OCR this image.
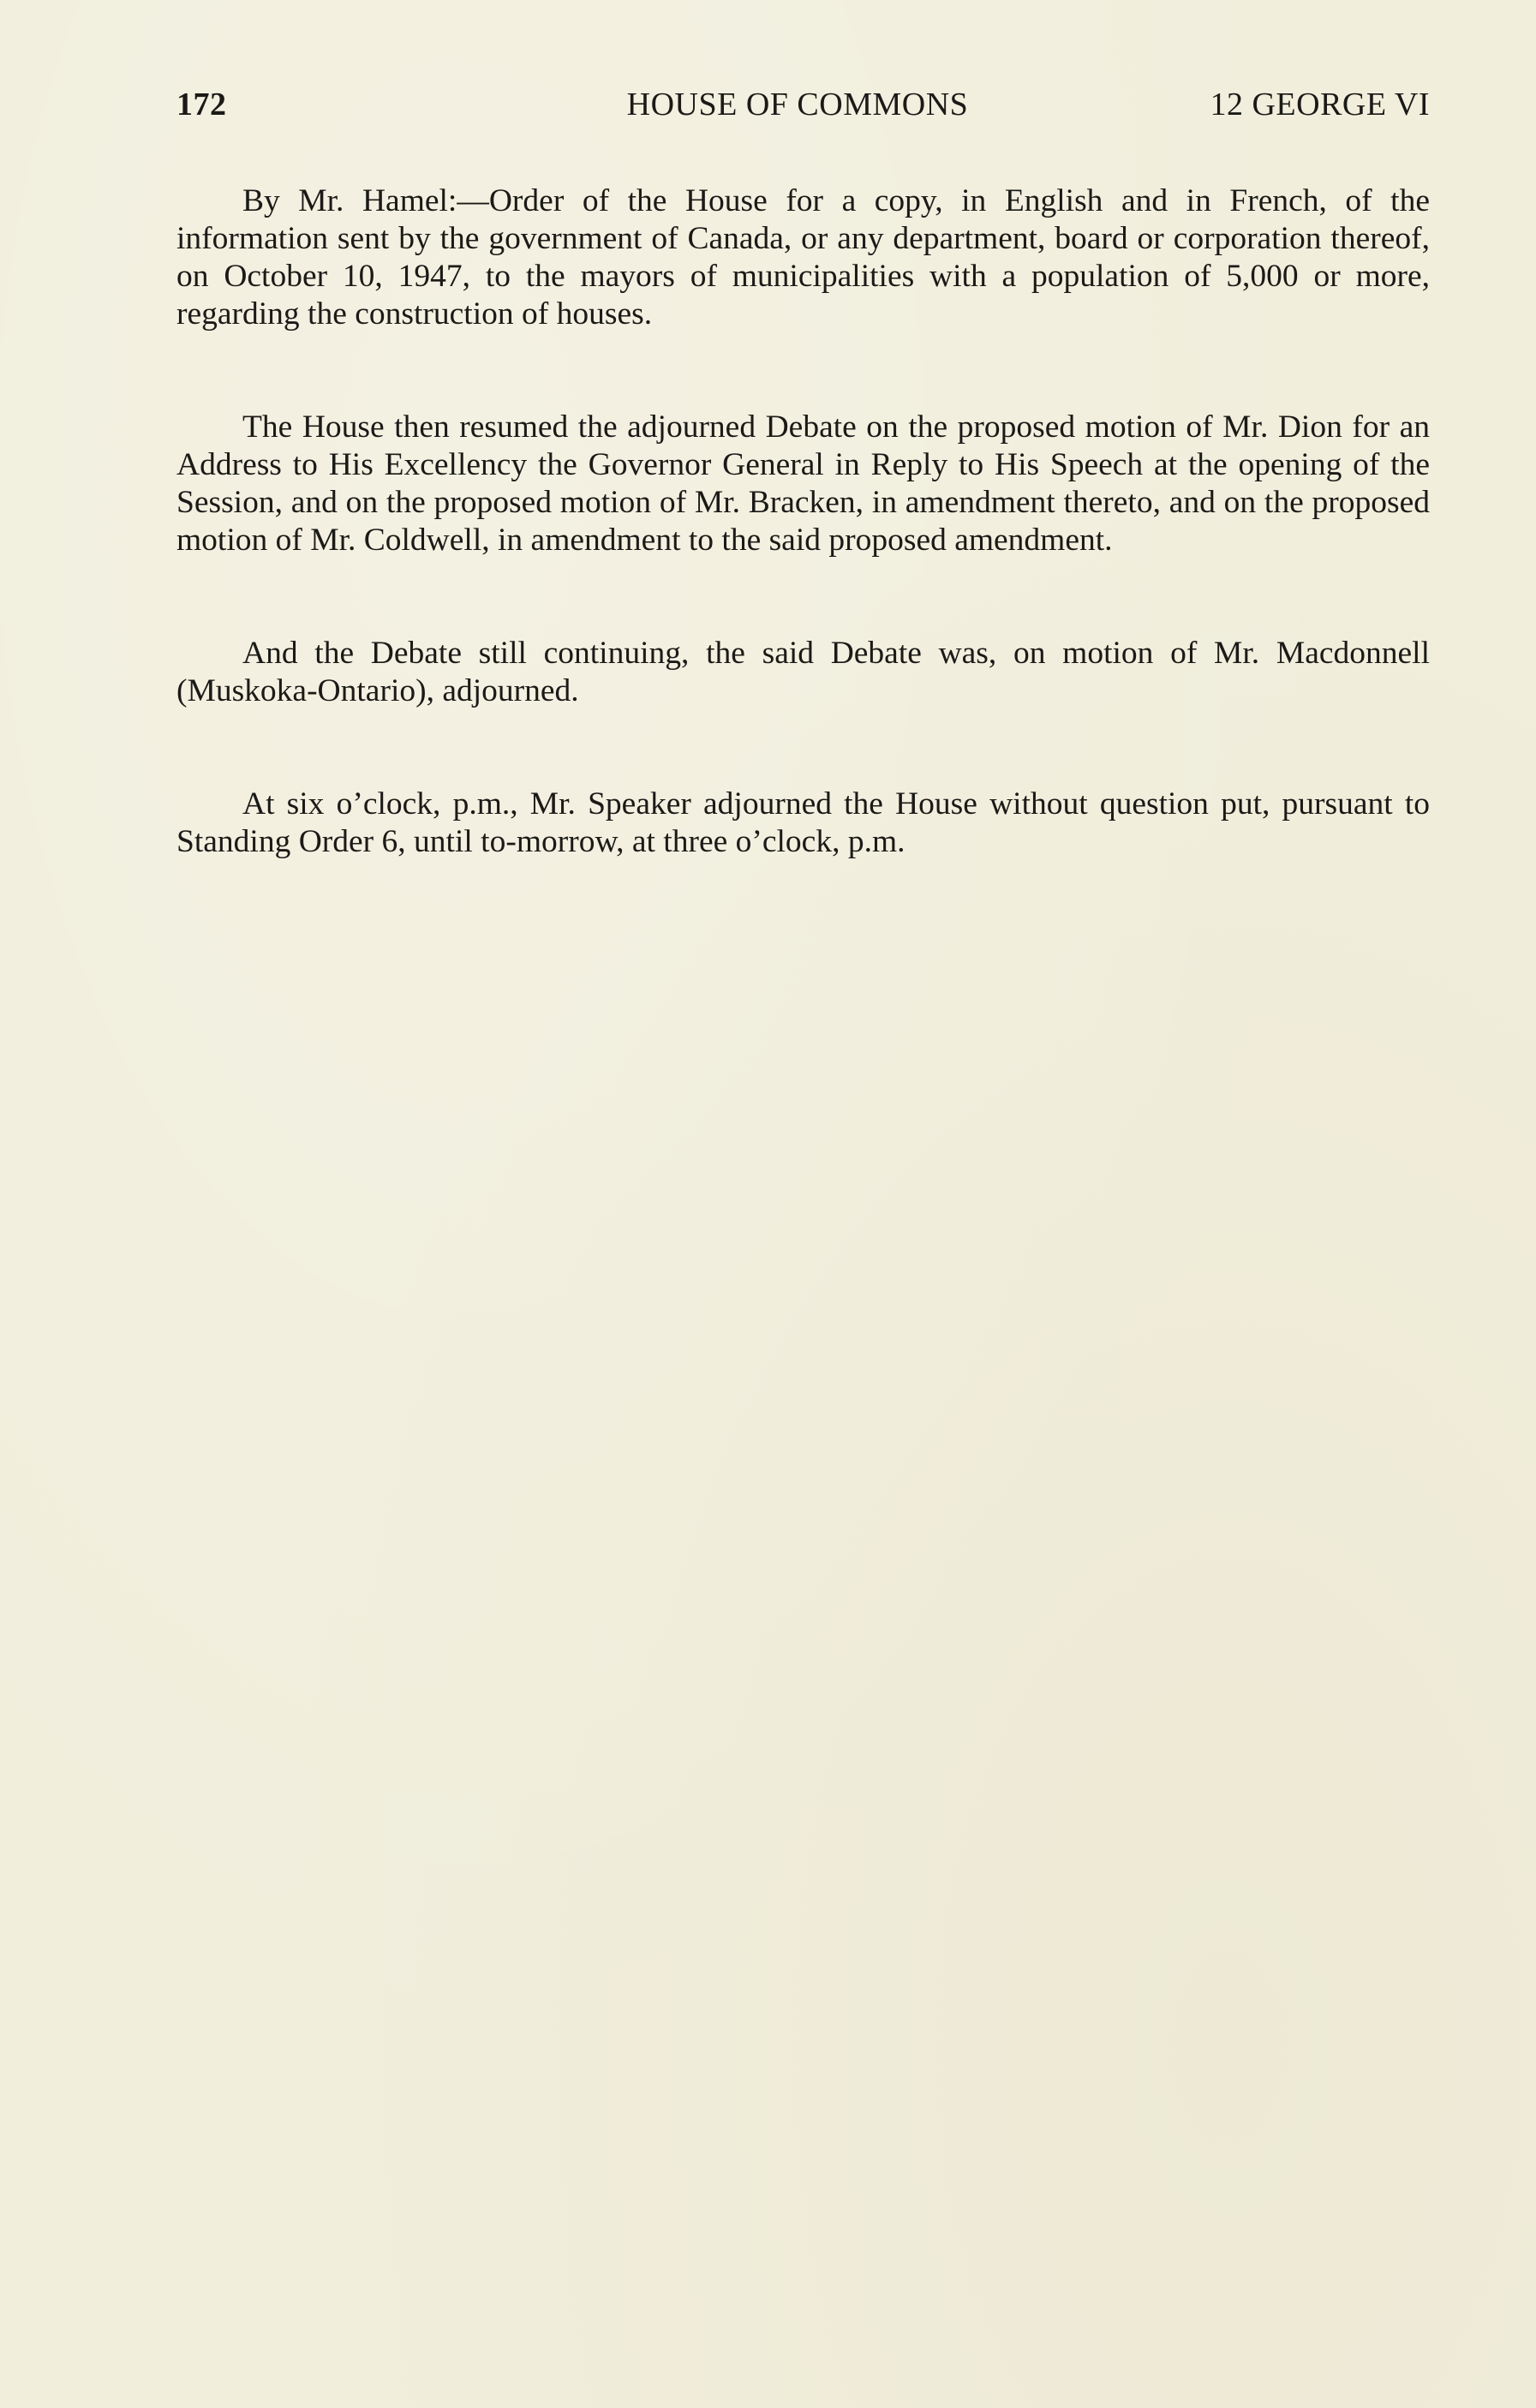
172	HOUSE OF COMMONS	12 GEORGE VI

By Mr. Hamel:—Order of the House for a copy, in English and in French, of the information sent by the government of Canada, or any department, board or corporation thereof, on October 10, 1947, to the mayors of municipalities with a population of 5,000 or more, regarding the construction of houses.

The House then resumed the adjourned Debate on the proposed motion of Mr. Dion for an Address to His Excellency the Governor General in Reply to His Speech at the opening of the Session, and on the proposed motion of Mr. Bracken, in amendment thereto, and on the proposed motion of Mr. Coldwell, in amendment to the said proposed amendment.

And the Debate still continuing, the said Debate was, on motion of Mr. Macdonnell (Muskoka-Ontario), adjourned.

At six o’clock, p.m., Mr. Speaker adjourned the House without question put, pursuant to Standing Order 6, until to-morrow, at three o’clock, p.m.
